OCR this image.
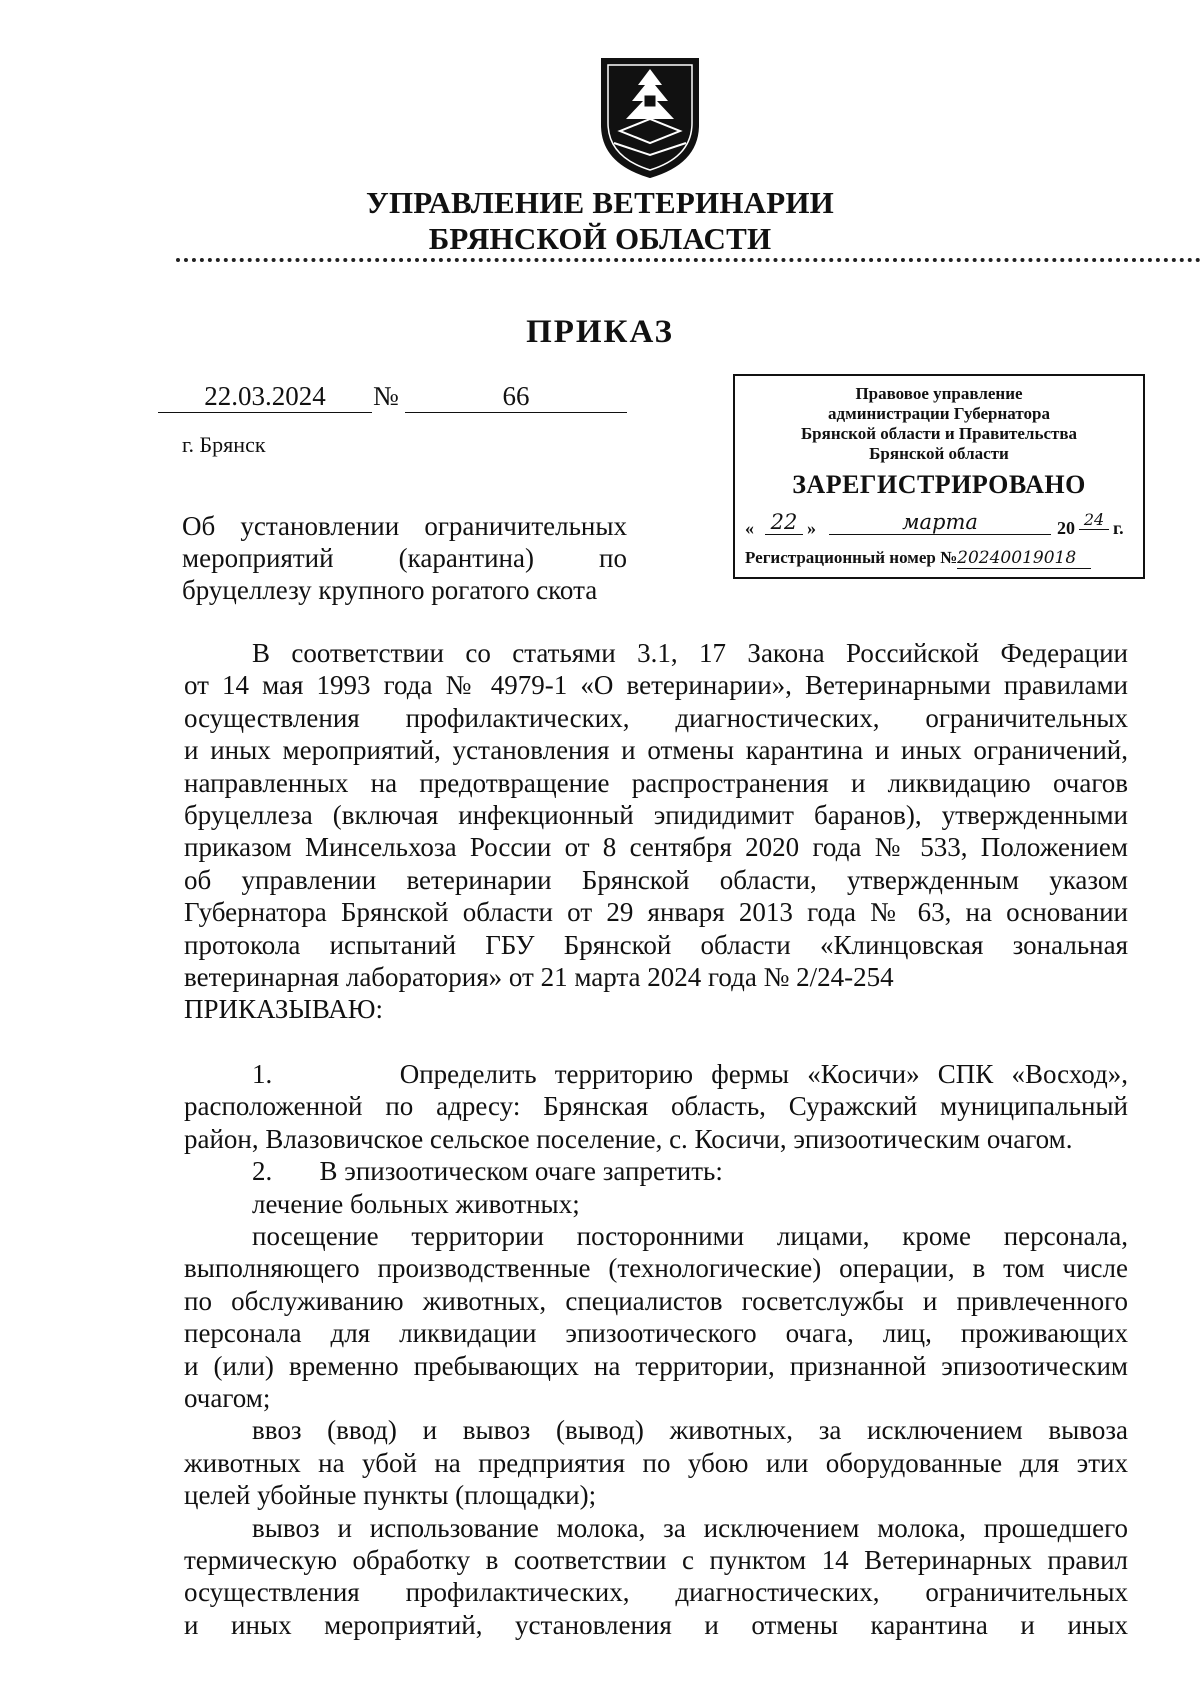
УПРАВЛЕНИЕ ВЕТЕРИНАРИИ
БРЯНСКОЙ ОБЛАСТИ
ПРИКАЗ
22.03.2024	№	66
г. Брянск
Об установлении ограничительных
мероприятий (карантина) по
бруцеллезу крупного рогатого скота
Правовое управление
администрации Губернатора
Брянской области и Правительства
Брянской области
ЗАРЕГИСТРИРОВАНО
« 22 »	марта	20 24 г.
Регистрационный номер №20240019018
В соответствии со статьями 3.1, 17 Закона Российской Федерации
от 14 мая 1993 года № 4979-1 «О ветеринарии», Ветеринарными правилами
осуществления профилактических, диагностических, ограничительных
и иных мероприятий, установления и отмены карантина и иных ограничений,
направленных на предотвращение распространения и ликвидацию очагов
бруцеллеза (включая инфекционный эпидидимит баранов), утвержденными
приказом Минсельхоза России от 8 сентября 2020 года № 533, Положением
об управлении ветеринарии Брянской области, утвержденным указом
Губернатора Брянской области от 29 января 2013 года № 63, на основании
протокола испытаний ГБУ Брянской области «Клинцовская зональная
ветеринарная лаборатория» от 21 марта 2024 года № 2/24-254
ПРИКАЗЫВАЮ:
1.       Определить территорию фермы «Косичи» СПК «Восход»,
расположенной по адресу: Брянская область, Суражский муниципальный
район, Влазовичское сельское поселение, с. Косичи, эпизоотическим очагом.
2.       В эпизоотическом очаге запретить:
лечение больных животных;
посещение территории посторонними лицами, кроме персонала,
выполняющего производственные (технологические) операции, в том числе
по обслуживанию животных, специалистов госветслужбы и привлеченного
персонала для ликвидации эпизоотического очага, лиц, проживающих
и (или) временно пребывающих на территории, признанной эпизоотическим
очагом;
ввоз (ввод) и вывоз (вывод) животных, за исключением вывоза
животных на убой на предприятия по убою или оборудованные для этих
целей убойные пункты (площадки);
вывоз и использование молока, за исключением молока, прошедшего
термическую обработку в соответствии с пунктом 14 Ветеринарных правил
осуществления профилактических, диагностических, ограничительных
и иных мероприятий, установления и отмены карантина и иных
